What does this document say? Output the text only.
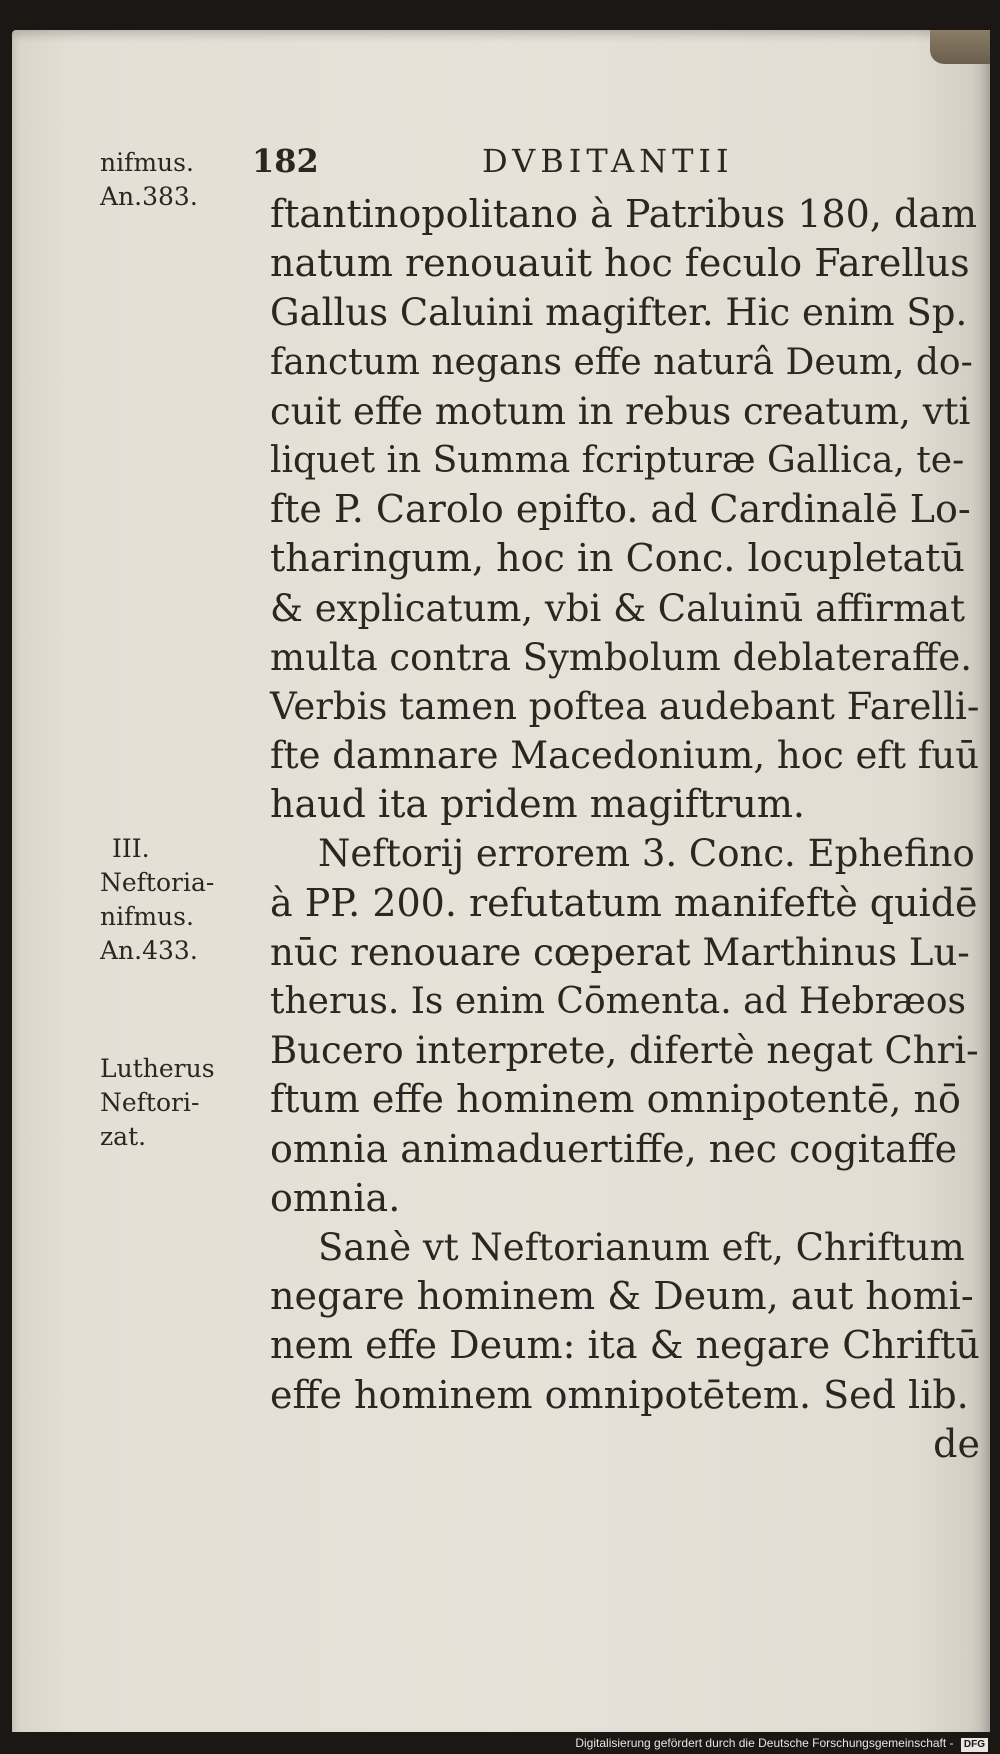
182	DVBITANTII
nifmus.
An.383.
III.
Neftoria-
nifmus.
An.433.
Lutherus
Neftori-
zat.
ftantinopolitano à Patribus 180, dam
natum renouauit hoc feculo Farellus
Gallus Caluini magifter. Hic enim Sp.
fanctum negans effe naturâ Deum, do-
cuit effe motum in rebus creatum, vti
liquet in Summa fcripturæ Gallica, te-
fte P. Carolo epifto. ad Cardinalē Lo-
tharingum, hoc in Conc. locupletatū
& explicatum, vbi & Caluinū affirmat
multa contra Symbolum deblateraffe.
Verbis tamen poftea audebant Farelli-
fte damnare Macedonium, hoc eft fuū
haud ita pridem magiftrum.
Neftorij errorem 3. Conc. Ephefino
à PP. 200. refutatum manifeftè quidē
nūc renouare cœperat Marthinus Lu-
therus. Is enim Cōmenta. ad Hebræos
Bucero interprete, difertè negat Chri-
ftum effe hominem omnipotentē, nō
omnia animaduertiffe, nec cogitaffe
omnia.
Sanè vt Neftorianum eft, Chriftum
negare hominem & Deum, aut homi-
nem effe Deum: ita & negare Chriftū
effe hominem omnipotētem. Sed lib.
de
Digitalisierung gefördert durch die Deutsche Forschungsgemeinschaft - DFG
